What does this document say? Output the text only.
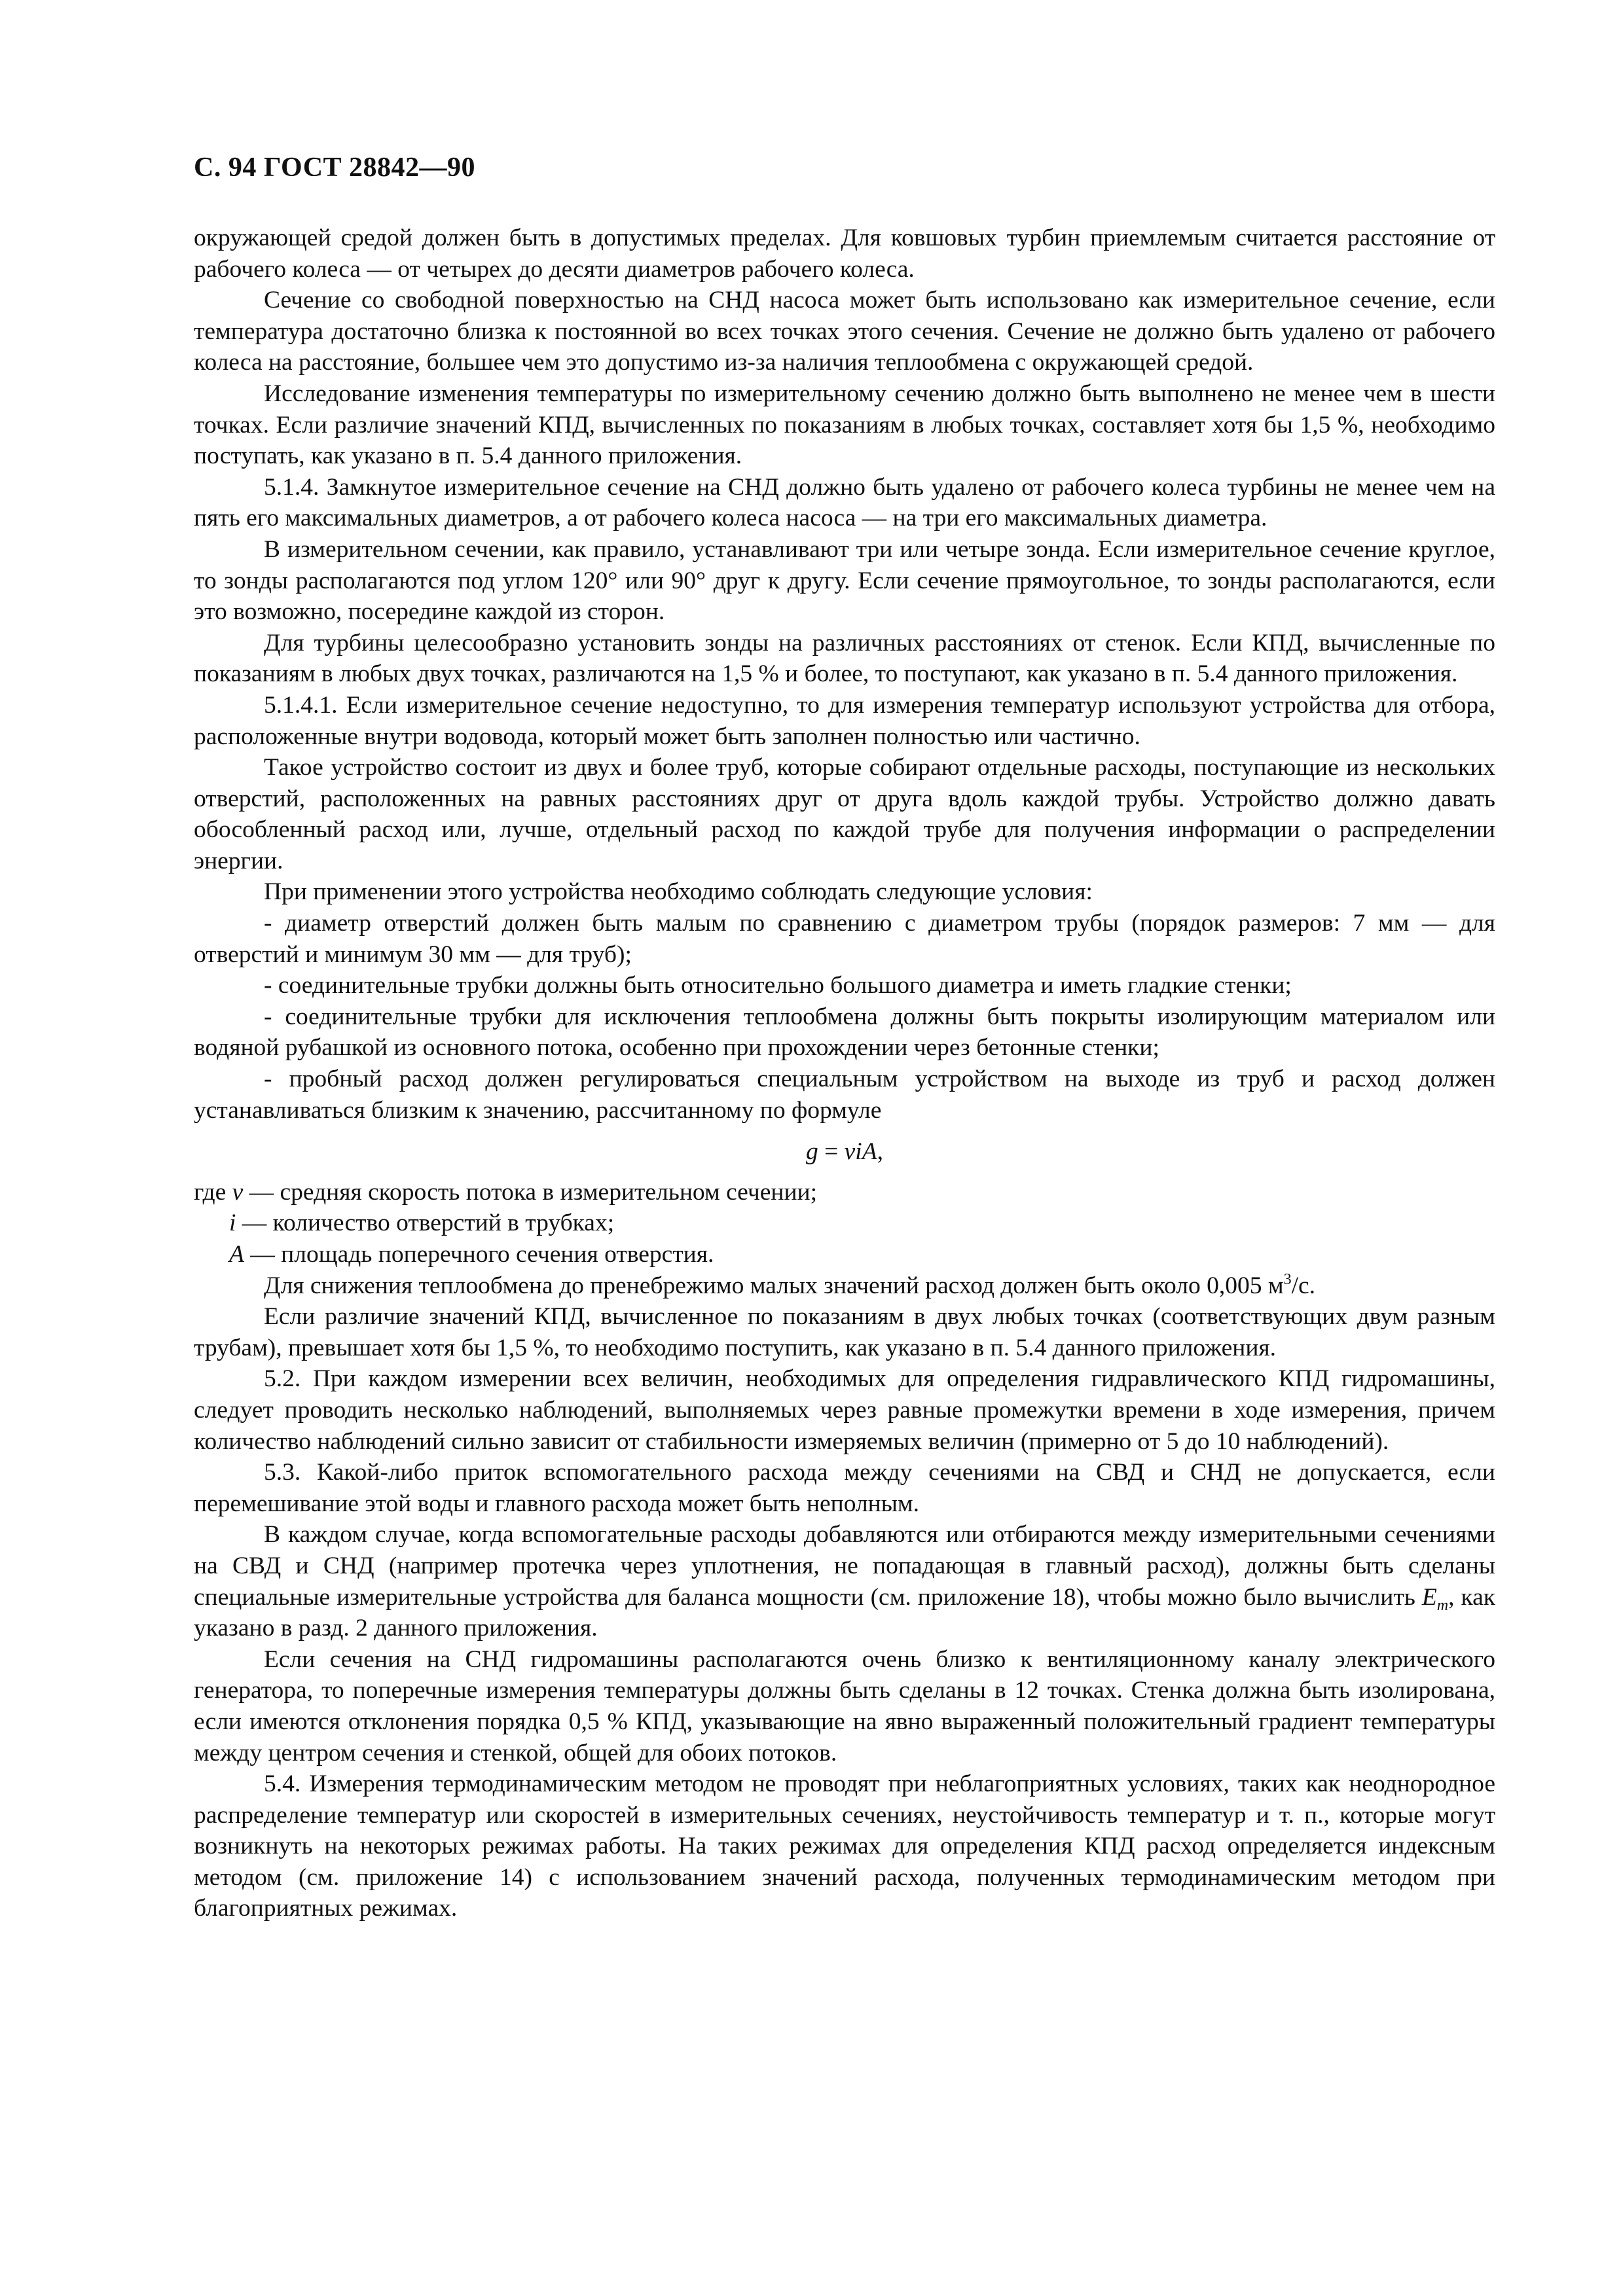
С. 94 ГОСТ 28842—90

окружающей средой должен быть в допустимых пределах. Для ковшовых турбин приемлемым считается расстояние от рабочего колеса — от четырех до десяти диаметров рабочего колеса.

Сечение со свободной поверхностью на СНД насоса может быть использовано как измерительное сечение, если температура достаточно близка к постоянной во всех точках этого сечения. Сечение не должно быть удалено от рабочего колеса на расстояние, большее чем это допустимо из-за наличия теплообмена с окружающей средой.

Исследование изменения температуры по измерительному сечению должно быть выполнено не менее чем в шести точках. Если различие значений КПД, вычисленных по показаниям в любых точках, составляет хотя бы 1,5 %, необходимо поступать, как указано в п. 5.4 данного приложения.

5.1.4. Замкнутое измерительное сечение на СНД должно быть удалено от рабочего колеса турбины не менее чем на пять его максимальных диаметров, а от рабочего колеса насоса — на три его максимальных диаметра.

В измерительном сечении, как правило, устанавливают три или четыре зонда. Если измерительное сечение круглое, то зонды располагаются под углом 120° или 90° друг к другу. Если сечение прямоугольное, то зонды располагаются, если это возможно, посередине каждой из сторон.

Для турбины целесообразно установить зонды на различных расстояниях от стенок. Если КПД, вычисленные по показаниям в любых двух точках, различаются на 1,5 % и более, то поступают, как указано в п. 5.4 данного приложения.

5.1.4.1. Если измерительное сечение недоступно, то для измерения температур используют устройства для отбора, расположенные внутри водовода, который может быть заполнен полностью или частично.

Такое устройство состоит из двух и более труб, которые собирают отдельные расходы, поступающие из нескольких отверстий, расположенных на равных расстояниях друг от друга вдоль каждой трубы. Устройство должно давать обособленный расход или, лучше, отдельный расход по каждой трубе для получения информации о распределении энергии.

При применении этого устройства необходимо соблюдать следующие условия:

- диаметр отверстий должен быть малым по сравнению с диаметром трубы (порядок размеров: 7 мм — для отверстий и минимум 30 мм — для труб);

- соединительные трубки должны быть относительно большого диаметра и иметь гладкие стенки;

- соединительные трубки для исключения теплообмена должны быть покрыты изолирующим материалом или водяной рубашкой из основного потока, особенно при прохождении через бетонные стенки;

- пробный расход должен регулироваться специальным устройством на выходе из труб и расход должен устанавливаться близким к значению, рассчитанному по формуле

g = viA,

где v — средняя скорость потока в измерительном сечении;

i — количество отверстий в трубках;

A — площадь поперечного сечения отверстия.

Для снижения теплообмена до пренебрежимо малых значений расход должен быть около 0,005 $м^3/с$.

Если различие значений КПД, вычисленное по показаниям в двух любых точках (соответствующих двум разным трубам), превышает хотя бы 1,5 %, то необходимо поступить, как указано в п. 5.4 данного приложения.

5.2. При каждом измерении всех величин, необходимых для определения гидравлического КПД гидромашины, следует проводить несколько наблюдений, выполняемых через равные промежутки времени в ходе измерения, причем количество наблюдений сильно зависит от стабильности измеряемых величин (примерно от 5 до 10 наблюдений).

5.3. Какой-либо приток вспомогательного расхода между сечениями на СВД и СНД не допускается, если перемешивание этой воды и главного расхода может быть неполным.

В каждом случае, когда вспомогательные расходы добавляются или отбираются между измерительными сечениями на СВД и СНД (например протечка через уплотнения, не попадающая в главный расход), должны быть сделаны специальные измерительные устройства для баланса мощности (см. приложение 18), чтобы можно было вычислить $E_m$, как указано в разд. 2 данного приложения.

Если сечения на СНД гидромашины располагаются очень близко к вентиляционному каналу электрического генератора, то поперечные измерения температуры должны быть сделаны в 12 точках. Стенка должна быть изолирована, если имеются отклонения порядка 0,5 % КПД, указывающие на явно выраженный положительный градиент температуры между центром сечения и стенкой, общей для обоих потоков.

5.4. Измерения термодинамическим методом не проводят при неблагоприятных условиях, таких как неоднородное распределение температур или скоростей в измерительных сечениях, неустойчивость температур и т. п., которые могут возникнуть на некоторых режимах работы. На таких режимах для определения КПД расход определяется индексным методом (см. приложение 14) с использованием значений расхода, полученных термодинамическим методом при благоприятных режимах.
